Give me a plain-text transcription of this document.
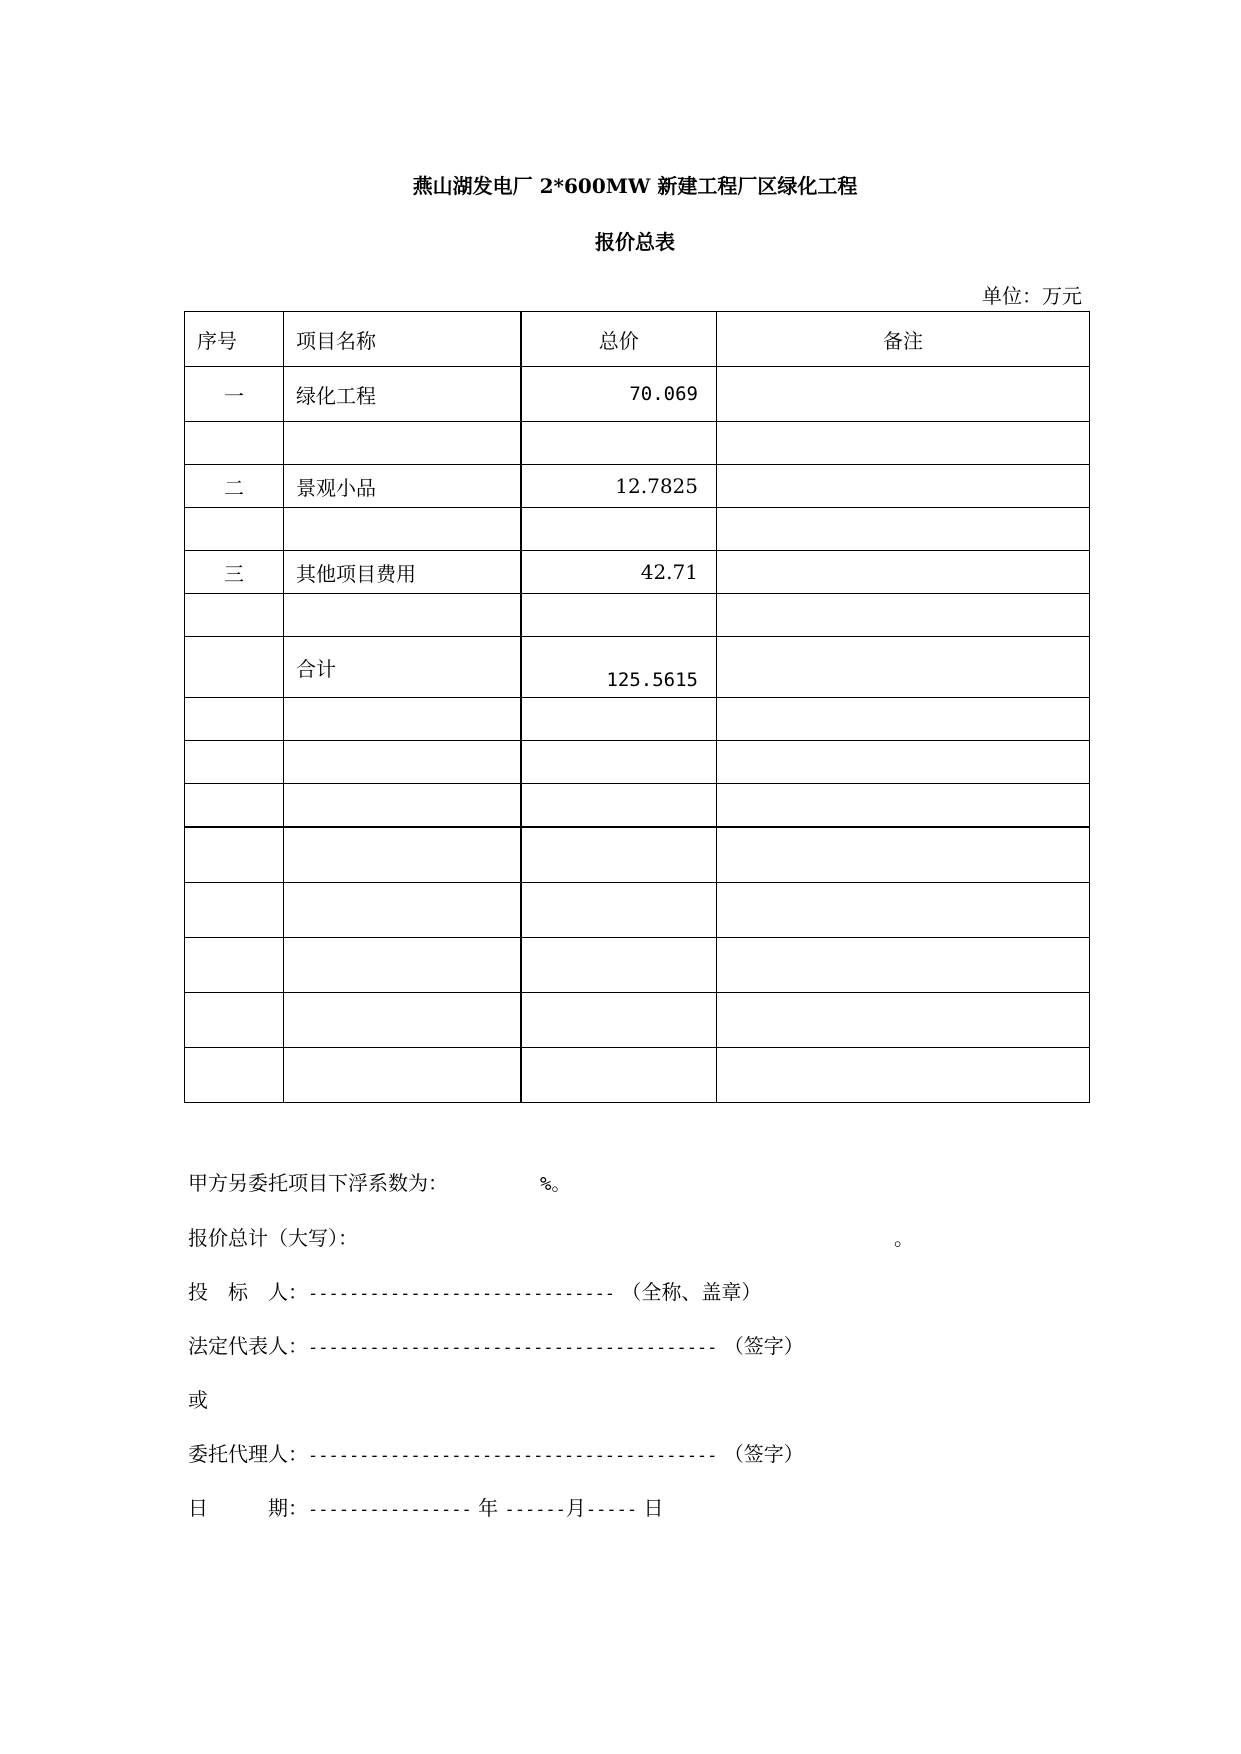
燕山湖发电厂 2*600MW 新建工程厂区绿化工程
报价总表
单位：万元
序号	项目名称	总价	备注
一	绿化工程	70.069	

二	景观小品	12.7825	

三	其他项目费用	42.71	

	合计	125.5615	

甲方另委托项目下浮系数为：	%。
报价总计（大写）：	。
投　标　人：------------------------------ （全称、盖章）
法定代表人：---------------------------------------- （签字）
或
委托代理人：---------------------------------------- （签字）
日　　　期：---------------- 年 ------月----- 日
